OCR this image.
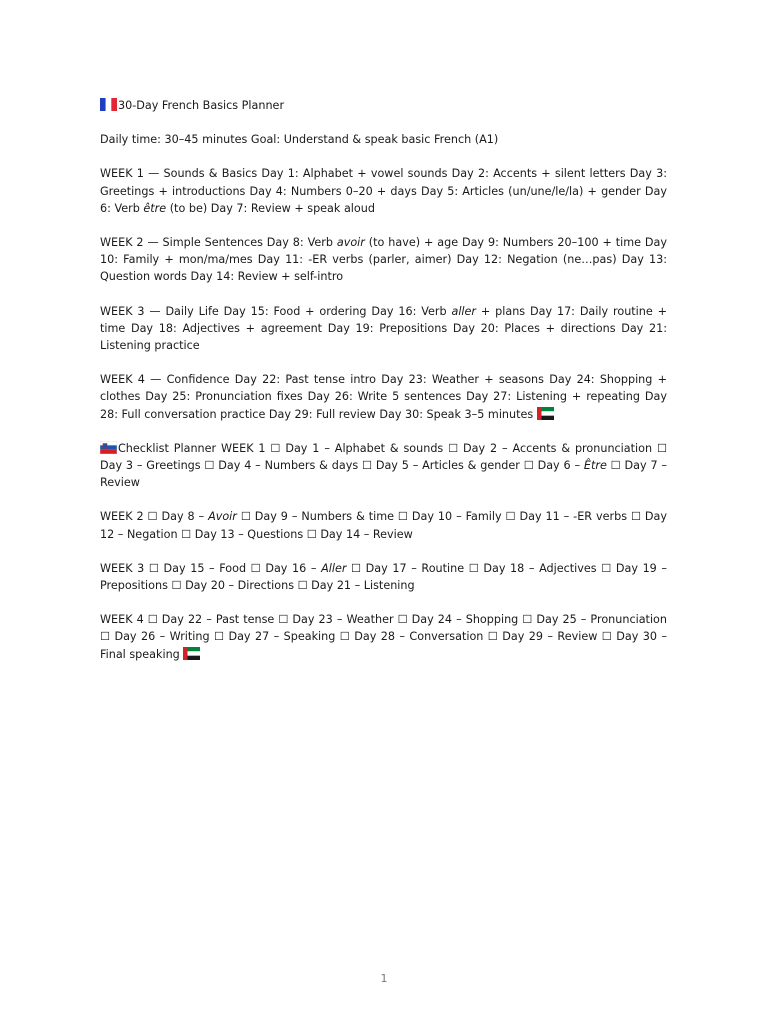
30-Day French Basics Planner

Daily time: 30–45 minutes Goal: Understand & speak basic French (A1)

WEEK 1 — Sounds & Basics Day 1: Alphabet + vowel sounds Day 2: Accents + silent letters Day 3: Greetings + introductions Day 4: Numbers 0–20 + days Day 5: Articles (un/une/le/la) + gender Day 6: Verb être (to be) Day 7: Review + speak aloud

WEEK 2 — Simple Sentences Day 8: Verb avoir (to have) + age Day 9: Numbers 20–100 + time Day 10: Family + mon/ma/mes Day 11: -ER verbs (parler, aimer) Day 12: Negation (ne…pas) Day 13: Question words Day 14: Review + self-intro

WEEK 3 — Daily Life Day 15: Food + ordering Day 16: Verb aller + plans Day 17: Daily routine + time Day 18: Adjectives + agreement Day 19: Prepositions Day 20: Places + directions Day 21: Listening practice

WEEK 4 — Confidence Day 22: Past tense intro Day 23: Weather + seasons Day 24: Shopping + clothes Day 25: Pronunciation fixes Day 26: Write 5 sentences Day 27: Listening + repeating Day 28: Full conversation practice Day 29: Full review Day 30: Speak 3–5 minutes

Checklist Planner WEEK 1 ☐ Day 1 – Alphabet & sounds ☐ Day 2 – Accents & pronunciation ☐ Day 3 – Greetings ☐ Day 4 – Numbers & days ☐ Day 5 – Articles & gender ☐ Day 6 – Être ☐ Day 7 – Review

WEEK 2 ☐ Day 8 – Avoir ☐ Day 9 – Numbers & time ☐ Day 10 – Family ☐ Day 11 – -ER verbs ☐ Day 12 – Negation ☐ Day 13 – Questions ☐ Day 14 – Review

WEEK 3 ☐ Day 15 – Food ☐ Day 16 – Aller ☐ Day 17 – Routine ☐ Day 18 – Adjectives ☐ Day 19 – Prepositions ☐ Day 20 – Directions ☐ Day 21 – Listening

WEEK 4 ☐ Day 22 – Past tense ☐ Day 23 – Weather ☐ Day 24 – Shopping ☐ Day 25 – Pronunciation ☐ Day 26 – Writing ☐ Day 27 – Speaking ☐ Day 28 – Conversation ☐ Day 29 – Review ☐ Day 30 – Final speaking

1
